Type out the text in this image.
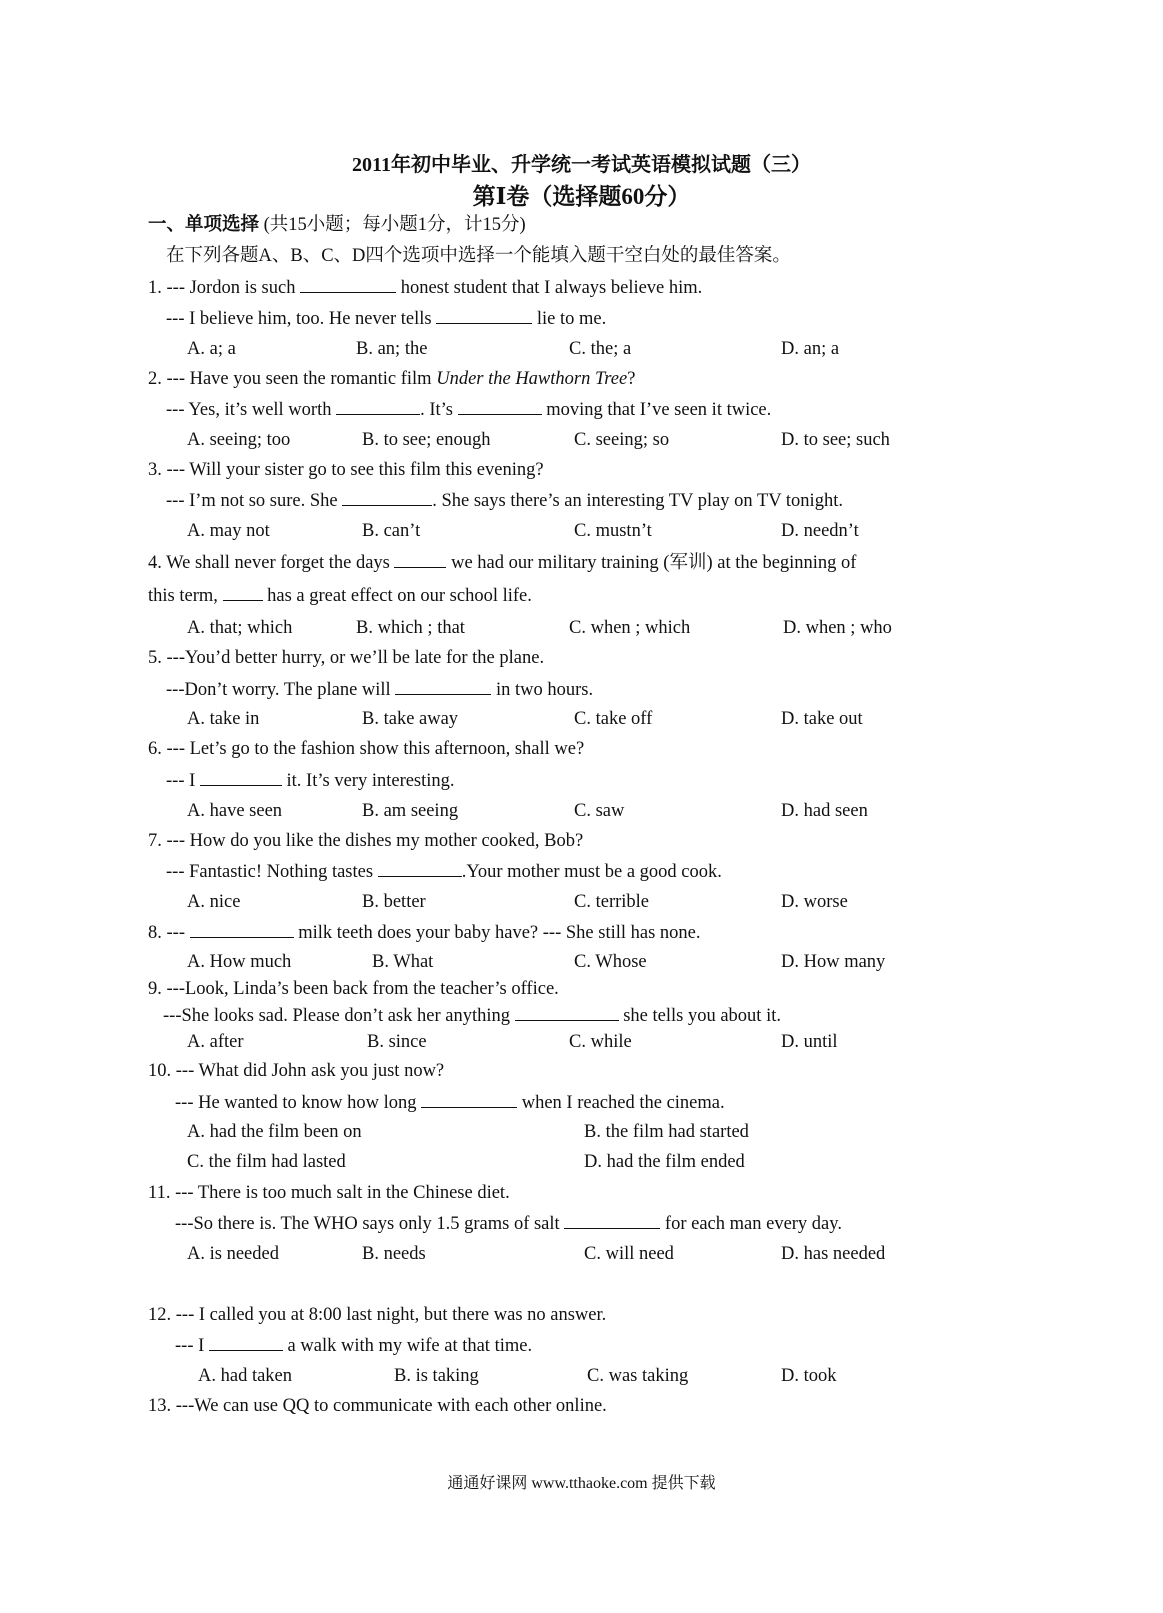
2011年初中毕业、升学统一考试英语模拟试题（三）
第Ⅰ卷（选择题60分）
一、单项选择 (共15小题；每小题1分，计15分)
在下列各题A、B、C、D四个选项中选择一个能填入题干空白处的最佳答案。
1. --- Jordon is such	honest student that I always believe him.
--- I believe him, too. He never tells	lie to me.
A. a; a	B. an; the	C. the; a	D. an; a
2. --- Have you seen the romantic film Under the Hawthorn Tree?
--- Yes, it’s well worth	. It’s	moving that I’ve seen it twice.
A. seeing; too	B. to see; enough	C. seeing; so	D. to see; such
3. --- Will your sister go to see this film this evening?
--- I’m not so sure. She	. She says there’s an interesting TV play on TV tonight.
A. may not	B. can’t	C. mustn’t	D. needn’t
4. We shall never forget the days	we had our military training (军训) at the beginning of
this term,	has a great effect on our school life.
A. that; which	B. which ; that	C. when ; which	D. when ; who
5. ---You’d better hurry, or we’ll be late for the plane.
---Don’t worry. The plane will	in two hours.
A. take in	B. take away	C. take off	D. take out
6. --- Let’s go to the fashion show this afternoon, shall we?
--- I	it. It’s very interesting.
A. have seen	B. am seeing	C. saw	D. had seen
7. --- How do you like the dishes my mother cooked, Bob?
--- Fantastic! Nothing tastes	.Your mother must be a good cook.
A. nice	B. better	C. terrible	D. worse
8. ---	milk teeth does your baby have? --- She still has none.
A. How much	B. What	C. Whose	D. How many
9. ---Look, Linda’s been back from the teacher’s office.
---She looks sad. Please don’t ask her anything	she tells you about it.
A. after	B. since	C. while	D. until
10. --- What did John ask you just now?
--- He wanted to know how long	when I reached the cinema.
A. had the film been on	B. the film had started
C. the film had lasted	D. had the film ended
11. --- There is too much salt in the Chinese diet.
---So there is. The WHO says only 1.5 grams of salt	for each man every day.
A. is needed	B. needs	C. will need	D. has needed
12. --- I called you at 8:00 last night, but there was no answer.
--- I	a walk with my wife at that time.
A. had taken	B. is taking	C. was taking	D. took
13. ---We can use QQ to communicate with each other online.
通通好课网 www.tthaoke.com 提供下载
